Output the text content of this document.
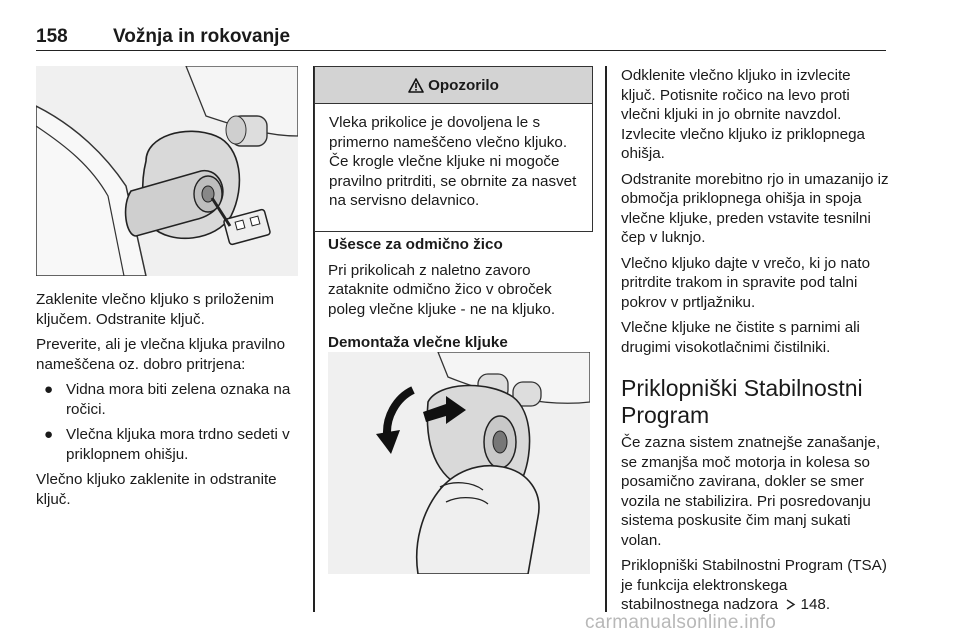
158 Vožnja in rokovanje

Zaklenite vlečno kljuko s priloženim ključem. Odstranite ključ.

Preverite, ali je vlečna kljuka pravilno nameščena oz. dobro pritrjena:

● Vidna mora biti zelena oznaka na ročici.
● Vlečna kljuka mora trdno sedeti v priklopnem ohišju.

Vlečno kljuko zaklenite in odstranite ključ.

Opozorilo
Vleka prikolice je dovoljena le s primerno nameščeno vlečno kljuko. Če krogle vlečne kljuke ni mogoče pravilno pritrditi, se obrnite za nasvet na servisno delavnico.

Ušesce za odmično žico

Pri prikolicah z naletno zavoro zataknite odmično žico v obroček poleg vlečne kljuke - ne na kljuko.

Demontaža vlečne kljuke

Odklenite vlečno kljuko in izvlecite ključ. Potisnite ročico na levo proti vlečni kljuki in jo obrnite navzdol. Izvlecite vlečno kljuko iz priklopnega ohišja.

Odstranite morebitno rjo in umazanijo iz območja priklopnega ohišja in spoja vlečne kljuke, preden vstavite tesnilni čep v luknjo.

Vlečno kljuko dajte v vrečo, ki jo nato pritrdite trakom in spravite pod talni pokrov v prtljažniku.

Vlečne kljuke ne čistite s parnimi ali drugimi visokotlačnimi čistilniki.

Priklopniški Stabilnostni Program

Če zazna sistem znatnejše zanašanje, se zmanjša moč motorja in kolesa so posamično zavirana, dokler se smer vozila ne stabilizira. Pri posredovanju sistema poskusite čim manj sukati volan.

Priklopniški Stabilnostni Program (TSA) je funkcija elektronskega stabilnostnega nadzora 148.

carmanualsonline.info
